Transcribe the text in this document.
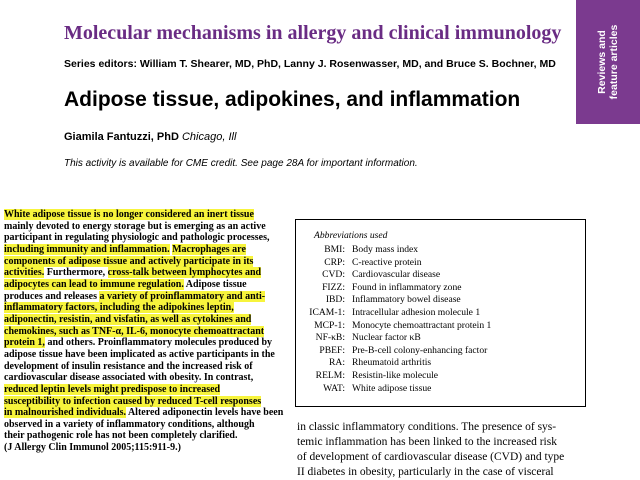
Molecular mechanisms in allergy and clinical immunology	Reviews and feature articles
Series editors: William T. Shearer, MD, PhD, Lanny J. Rosenwasser, MD, and Bruce S. Bochner, MD
Adipose tissue, adipokines, and inflammation
Giamila Fantuzzi, PhD Chicago, Ill
This activity is available for CME credit. See page 28A for important information.
White adipose tissue is no longer considered an inert tissue
mainly devoted to energy storage but is emerging as an active
participant in regulating physiologic and pathologic processes,
including immunity and inflammation. Macrophages are
components of adipose tissue and actively participate in its
activities. Furthermore, cross-talk between lymphocytes and
adipocytes can lead to immune regulation. Adipose tissue
produces and releases a variety of proinflammatory and anti-
inflammatory factors, including the adipokines leptin,
adiponectin, resistin, and visfatin, as well as cytokines and
chemokines, such as TNF-α, IL-6, monocyte chemoattractant
protein 1, and others. Proinflammatory molecules produced by
adipose tissue have been implicated as active participants in the
development of insulin resistance and the increased risk of
cardiovascular disease associated with obesity. In contrast,
reduced leptin levels might predispose to increased
susceptibility to infection caused by reduced T-cell responses
in malnourished individuals. Altered adiponectin levels have been
observed in a variety of inflammatory conditions, although
their pathogenic role has not been completely clarified.
(J Allergy Clin Immunol 2005;115:911-9.)
Abbreviations used
BMI: Body mass index
CRP: C-reactive protein
CVD: Cardiovascular disease
FIZZ: Found in inflammatory zone
IBD: Inflammatory bowel disease
ICAM-1: Intracellular adhesion molecule 1
MCP-1: Monocyte chemoattractant protein 1
NF-κB: Nuclear factor κB
PBEF: Pre-B-cell colony-enhancing factor
RA: Rheumatoid arthritis
RELM: Resistin-like molecule
WAT: White adipose tissue
in classic inflammatory conditions. The presence of sys-
temic inflammation has been linked to the increased risk
of development of cardiovascular disease (CVD) and type
II diabetes in obesity, particularly in the case of visceral
